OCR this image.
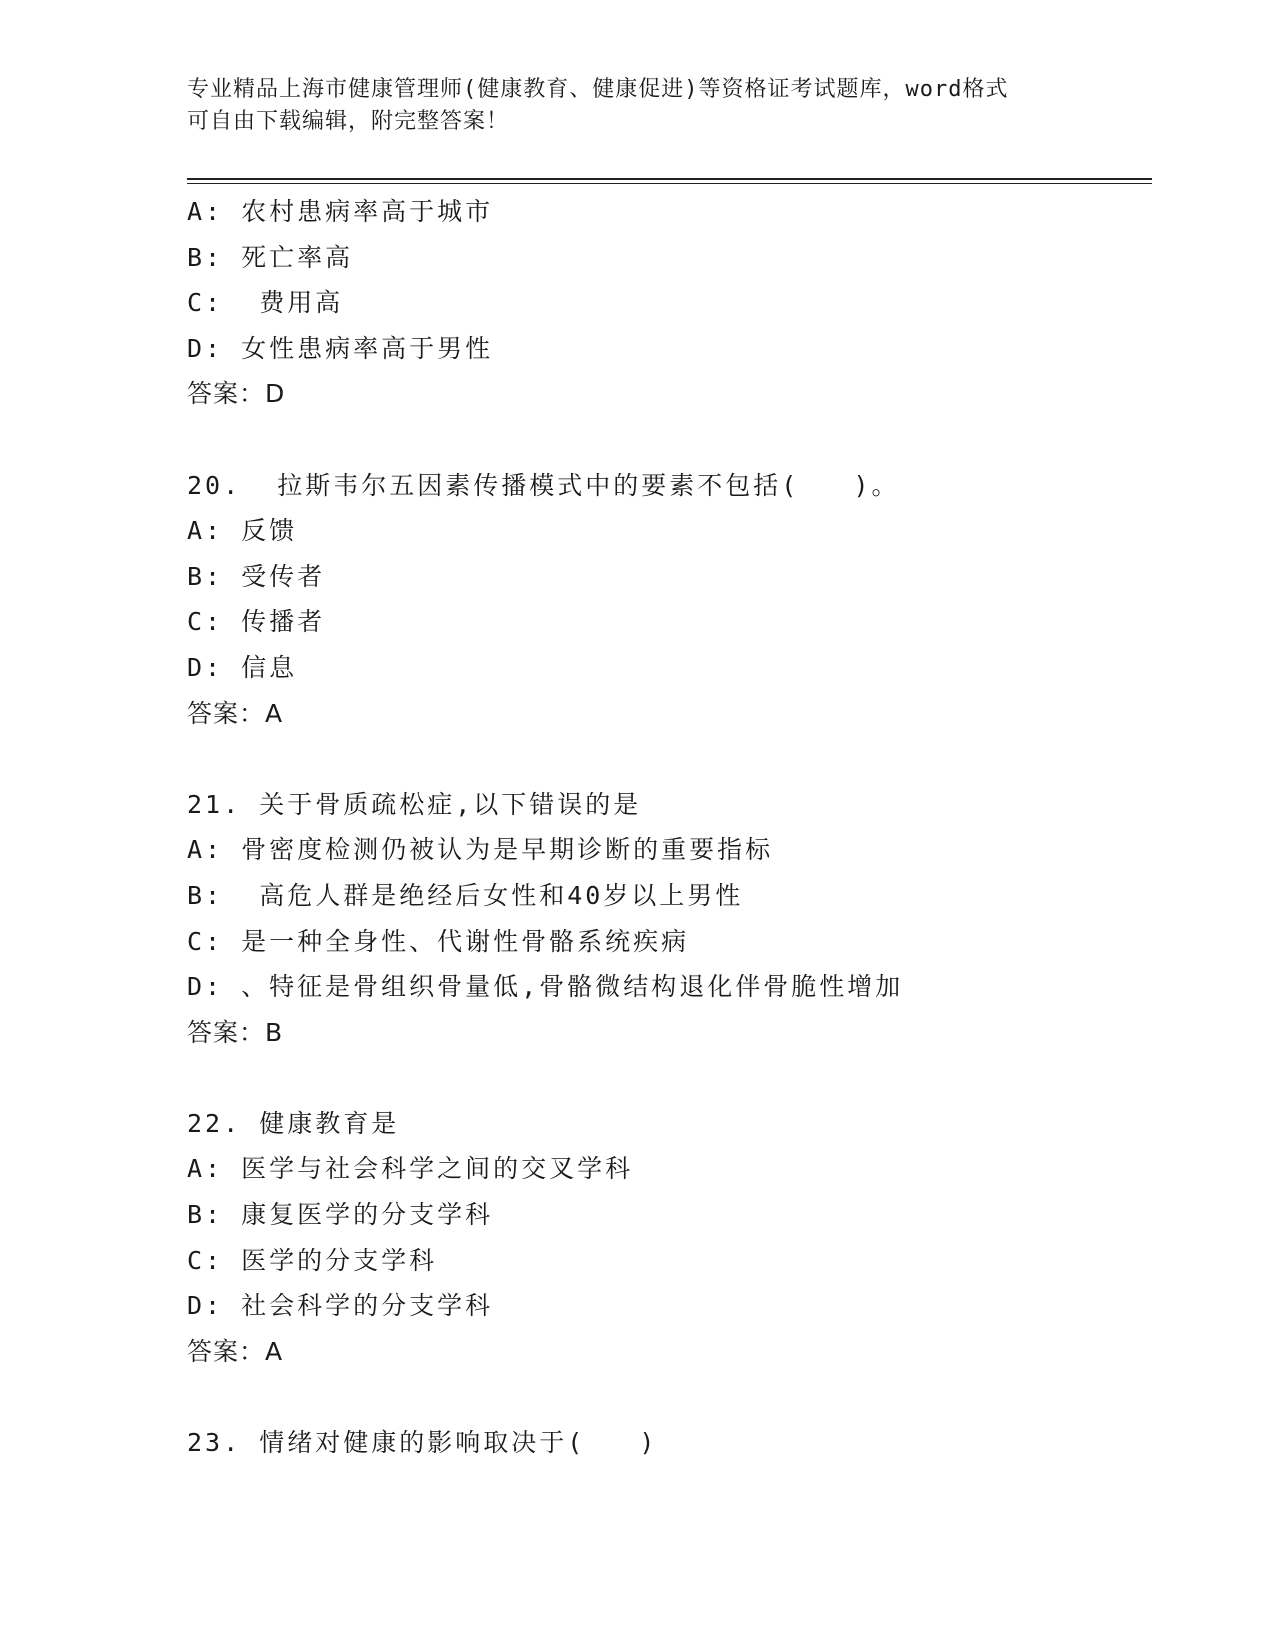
专业精品上海市健康管理师(健康教育、健康促进)等资格证考试题库，word格式
可自由下载编辑，附完整答案！
A: 农村患病率高于城市
B: 死亡率高
C:  费用高
D: 女性患病率高于男性
答案：D
20.  拉斯韦尔五因素传播模式中的要素不包括(   )。
A: 反馈
B: 受传者
C: 传播者
D: 信息
答案：A
21. 关于骨质疏松症,以下错误的是
A: 骨密度检测仍被认为是早期诊断的重要指标
B:  高危人群是绝经后女性和40岁以上男性
C: 是一种全身性、代谢性骨骼系统疾病
D: 、特征是骨组织骨量低,骨骼微结构退化伴骨脆性增加
答案：B
22. 健康教育是
A: 医学与社会科学之间的交叉学科
B: 康复医学的分支学科
C: 医学的分支学科
D: 社会科学的分支学科
答案：A
23. 情绪对健康的影响取决于(   )
